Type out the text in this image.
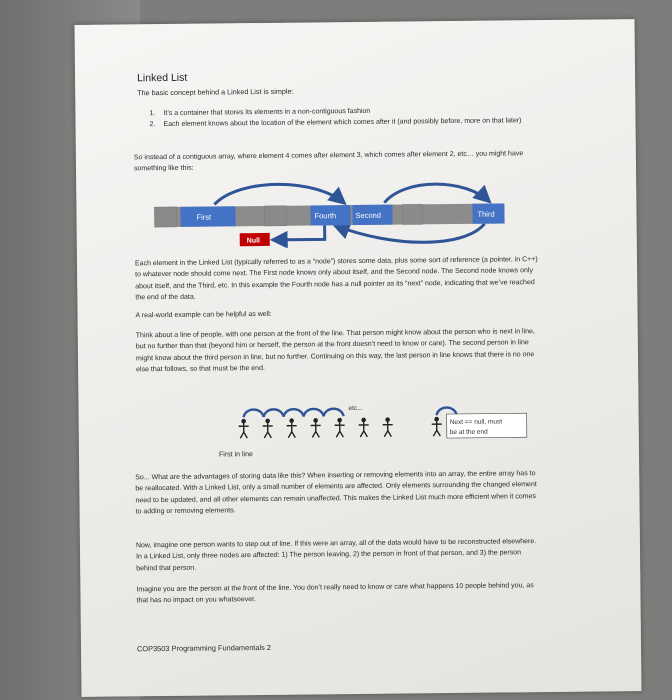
Linked List
The basic concept behind a Linked List is simple:
1.	It’s a container that stores its elements in a non-contiguous fashion
2.	Each element knows about the location of the element which comes after it (and possibly before, more on that later)
So instead of a contiguous array, where element 4 comes after element 3, which comes after element 2, etc… you might have something like this:
First	Fourth	Second	Third
Null
Each element in the Linked List (typically referred to as a “node”) stores some data, plus some sort of reference (a pointer, in C++) to whatever node should come next. The First node knows only about itself, and the Second node. The Second node knows only about itself, and the Third, etc. In this example the Fourth node has a null pointer as its “next” node, indicating that we’ve reached the end of the data.
A real-world example can be helpful as well:
Think about a line of people, with one person at the front of the line. That person might know about the person who is next in line, but no further than that (beyond him or herself, the person at the front doesn’t need to know or care). The second person in line might know about the third person in line, but no further. Continuing on this way, the last person in line knows that there is no one else that follows, so that must be the end.
etc...
Next == null, must be at the end
First in line
So... What are the advantages of storing data like this? When inserting or removing elements into an array, the entire array has to be reallocated. With a Linked List, only a small number of elements are affected. Only elements surrounding the changed element need to be updated, and all other elements can remain unaffected. This makes the Linked List much more efficient when it comes to adding or removing elements.
Now, imagine one person wants to step out of line. If this were an array, all of the data would have to be reconstructed elsewhere. In a Linked List, only three nodes are affected: 1) The person leaving, 2) the person in front of that person, and 3) the person behind that person.
Imagine you are the person at the front of the line. You don’t really need to know or care what happens 10 people behind you, as that has no impact on you whatsoever.
COP3503 Programming Fundamentals 2
